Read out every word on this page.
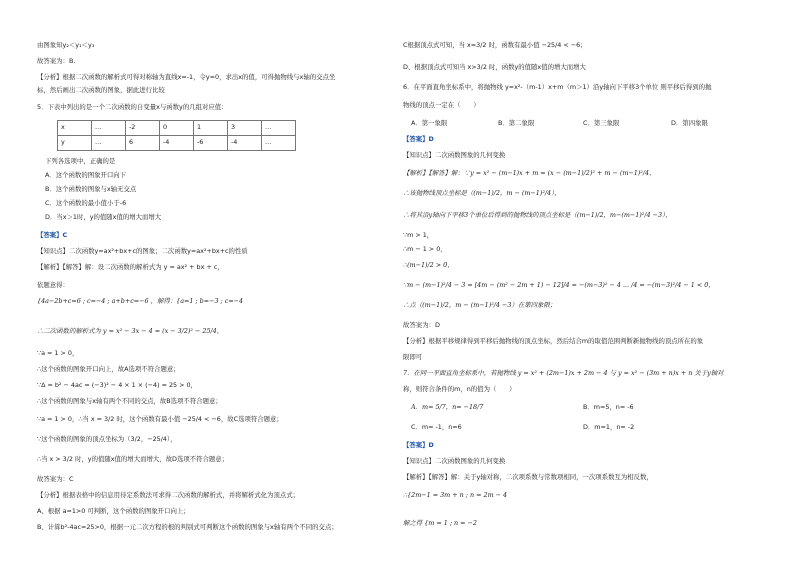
由图象知y₂＜y₁＜y₃
故答案为：B.
【分析】根据二次函数的解析式可得对称轴为直线x=-1，令y=0，求出x的值，可得抛物线与x轴的交点坐
标，然后画出二次函数的图象，据此进行比较
5．下表中列出的是一个二次函数的自变量x与函数y的几组对应值：
x	…	-2	0	1	3	…
y	…	6	-4	-6	-4	…
下列各选项中，正确的是
A．这个函数的图象开口向下
B．这个函数的图象与x轴无交点
C．这个函数的最小值小于-6
D．当x＞1时，y的值随x值的增大而增大
【答案】C
【知识点】二次函数y=ax²+bx+c的图象；二次函数y=ax²+bx+c的性质
【解析】【解答】解：设二次函数的解析式为 y = ax² + bx + c，
依题意得：
{4a−2b+c=6 ; c=−4 ; a+b+c=−6 ，解得：{a=1 ; b=−3 ; c=−4
∴二次函数的解析式为 y = x² − 3x − 4 = (x − 3/2)² − 25/4，
∵a = 1 > 0，
∴这个函数的图象开口向上，故A选项不符合题意；
∵Δ = b² − 4ac = (−3)² − 4 × 1 × (−4) = 25 > 0，
∴这个函数的图象与x轴有两个不同的交点，故B选项不符合题意；
∵a = 1 > 0，∴当 x = 3/2 时，这个函数有最小值 −25/4 < −6，故C选项符合题意；
∵这个函数的图象的顶点坐标为（3/2，−25/4），
∴当 x > 3/2 时，y的值随x值的增大而增大，故D选项不符合题意；
故答案为：C
【分析】根据表格中的信息用待定系数法可求得二次函数的解析式，并将解析式化为顶点式；
A、根据 a=1>0 可判断，这个函数的图象开口向上；
B、计算b²-4ac=25>0，根据一元二次方程的根的判别式可判断这个函数的图象与x轴有两个不同的交点；
C根据顶点式可知，当 x=3/2 时，函数有最小值 −25/4 < −6；
D、根据顶点式可知当 x>3/2 时，函数y的值随x值的增大而增大
6．在平面直角坐标系中，将抛物线 y=x²-（m-1）x+m（m＞1）沿y轴向下平移3个单位 则平移后得到的抛
物线的顶点一定在（　　）
A．第一象限	B．第二象限	C．第三象限	D．第四象限
【答案】D
【知识点】二次函数图象的几何变换
【解析】【解答】解：∵y = x² − (m−1)x + m = (x − (m−1)/2)² + m − (m−1)²/4，
∴该抛物线顶点坐标是（(m−1)/2，m − (m−1)²/4），
∴将其沿y轴向下平移3个单位后得到的抛物线的顶点坐标是（(m−1)/2，m−(m−1)²/4 −3），
∵m > 1，
∴m − 1 > 0，
∴(m−1)/2 > 0，
∵m − (m−1)²/4 − 3 = [4m − (m² − 2m + 1) − 12]/4 = −(m−3)² − 4 ... /4 = −(m−3)²/4 − 1 < 0，
∴点（(m−1)/2，m − (m−1)²/4 −3）在第四象限；
故答案为：D
【分析】根据平移规律得到平移后抛物线的顶点坐标，然后结合m的取值范围判断新抛物线的顶点所在的象
限即可
7．在同一平面直角坐标系中，若抛物线 y = x² + (2m−1)x + 2m − 4 与 y = x² − (3m + n)x + n 关于y轴对
称，则符合条件的m，n的值为（　　）
A．m= 5/7，n= −18/7	B．m=5，n= -6
C．m= -1，n=6	D．m=1，n= -2
【答案】D
【知识点】二次函数图象的几何变换
【解析】【解答】解：关于y轴对称，二次项系数与常数项相同，一次项系数互为相反数，
∴{2m−1 = 3m + n ; n = 2m − 4
解之得 {m = 1 ; n = −2
